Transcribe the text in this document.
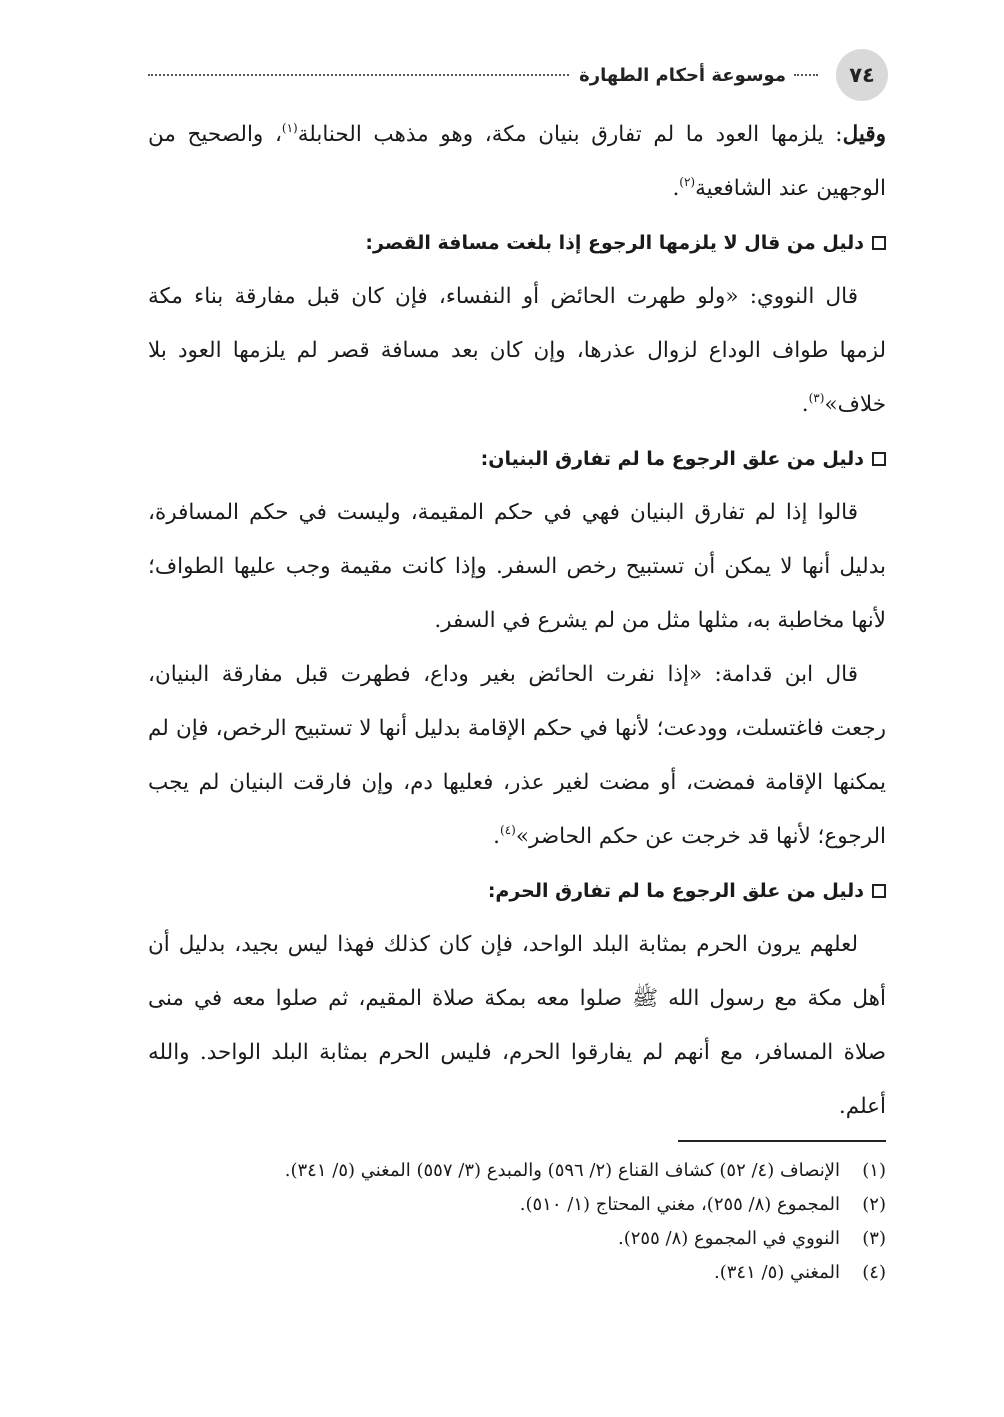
٧٤
موسوعة أحكام الطهارة

وقيل: يلزمها العود ما لم تفارق بنيان مكة، وهو مذهب الحنابلة$^{(١)}$، والصحيح من الوجهين عند الشافعية$^{(٢)}$.

دليل من قال لا يلزمها الرجوع إذا بلغت مسافة القصر:

قال النووي: «ولو طهرت الحائض أو النفساء، فإن كان قبل مفارقة بناء مكة لزمها طواف الوداع لزوال عذرها، وإن كان بعد مسافة قصر لم يلزمها العود بلا خلاف»$^{(٣)}$.

دليل من علق الرجوع ما لم تفارق البنيان:

قالوا إذا لم تفارق البنيان فهي في حكم المقيمة، وليست في حكم المسافرة، بدليل أنها لا يمكن أن تستبيح رخص السفر. وإذا كانت مقيمة وجب عليها الطواف؛ لأنها مخاطبة به، مثلها مثل من لم يشرع في السفر.

قال ابن قدامة: «إذا نفرت الحائض بغير وداع، فطهرت قبل مفارقة البنيان، رجعت فاغتسلت، وودعت؛ لأنها في حكم الإقامة بدليل أنها لا تستبيح الرخص، فإن لم يمكنها الإقامة فمضت، أو مضت لغير عذر، فعليها دم، وإن فارقت البنيان لم يجب الرجوع؛ لأنها قد خرجت عن حكم الحاضر»$^{(٤)}$.

دليل من علق الرجوع ما لم تفارق الحرم:

لعلهم يرون الحرم بمثابة البلد الواحد، فإن كان كذلك فهذا ليس بجيد، بدليل أن أهل مكة مع رسول الله ﷺ صلوا معه بمكة صلاة المقيم، ثم صلوا معه في منى صلاة المسافر، مع أنهم لم يفارقوا الحرم، فليس الحرم بمثابة البلد الواحد. والله أعلم.

(١)
الإنصاف (٤/ ٥٢) كشاف القناع (٢/ ٥٩٦) والمبدع (٣/ ٥٥٧) المغني (٥/ ٣٤١).
(٢)
المجموع (٨/ ٢٥٥)، مغني المحتاج (١/ ٥١٠).
(٣)
النووي في المجموع (٨/ ٢٥٥).
(٤)
المغني (٥/ ٣٤١).
